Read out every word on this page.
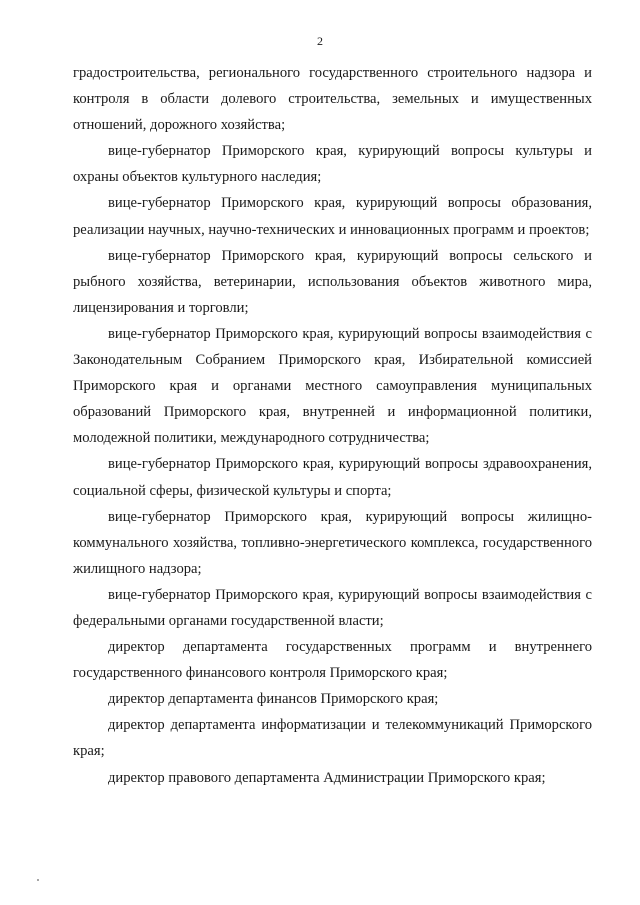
2

градостроительства, регионального государственного строительного надзора и контроля в области долевого строительства, земельных и имущественных отношений, дорожного хозяйства;

вице-губернатор Приморского края, курирующий вопросы культуры и охраны объектов культурного наследия;

вице-губернатор Приморского края, курирующий вопросы образования, реализации научных, научно-технических и инновационных программ и проектов;

вице-губернатор Приморского края, курирующий вопросы сельского и рыбного хозяйства, ветеринарии, использования объектов животного мира, лицензирования и торговли;

вице-губернатор Приморского края, курирующий вопросы взаимодействия с Законодательным Собранием Приморского края, Избирательной комиссией Приморского края и органами местного самоуправления муниципальных образований Приморского края, внутренней и информационной политики, молодежной политики, международного сотрудничества;

вице-губернатор Приморского края, курирующий вопросы здравоохранения, социальной сферы, физической культуры и спорта;

вице-губернатор Приморского края, курирующий вопросы жилищно-коммунального хозяйства, топливно-энергетического комплекса, государственного жилищного надзора;

вице-губернатор Приморского края, курирующий вопросы взаимодействия с федеральными органами государственной власти;

директор департамента государственных программ и внутреннего государственного финансового контроля Приморского края;

директор департамента финансов Приморского края;

директор департамента информатизации и телекоммуникаций Приморского края;

директор правового департамента Администрации Приморского края;
